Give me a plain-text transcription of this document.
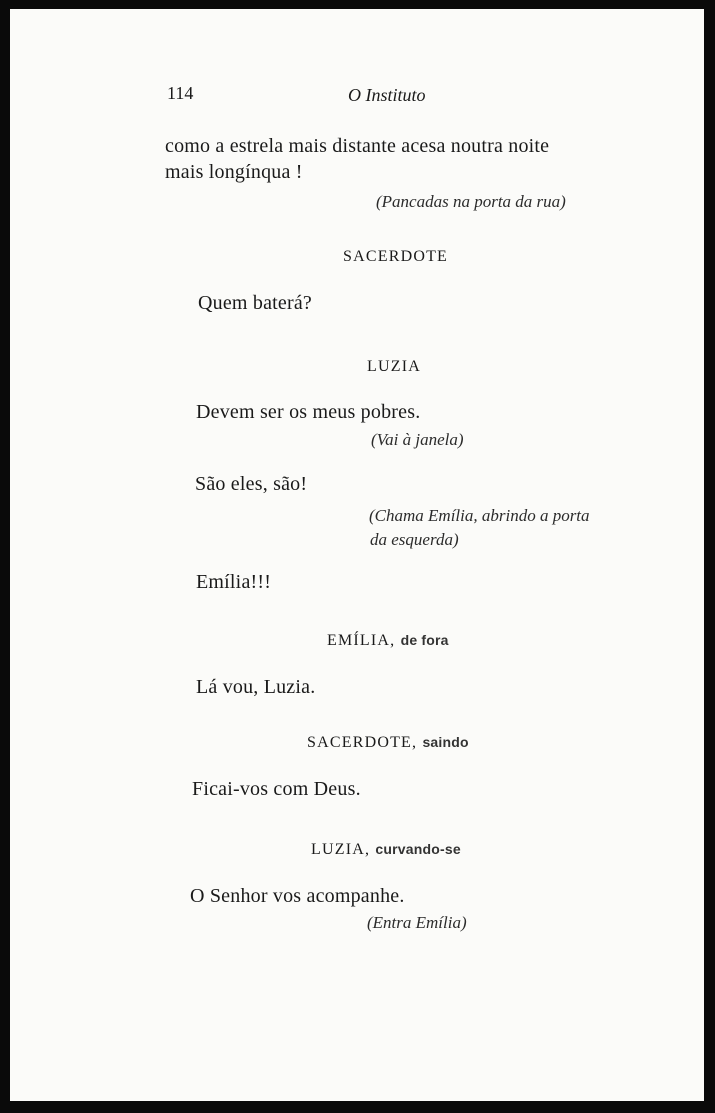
114	O Instituto
como a estrela mais distante acesa noutra noite
mais longínqua !
(Pancadas na porta da rua)
SACERDOTE
Quem baterá?
LUZIA
Devem ser os meus pobres.
(Vai à janela)
São eles, são!
(Chama Emília, abrindo a porta
da esquerda)
Emília!!!
EMÍLIA, de fora
Lá vou, Luzia.
SACERDOTE, saindo
Ficai-vos com Deus.
LUZIA, curvando-se
O Senhor vos acompanhe.
(Entra Emília)
